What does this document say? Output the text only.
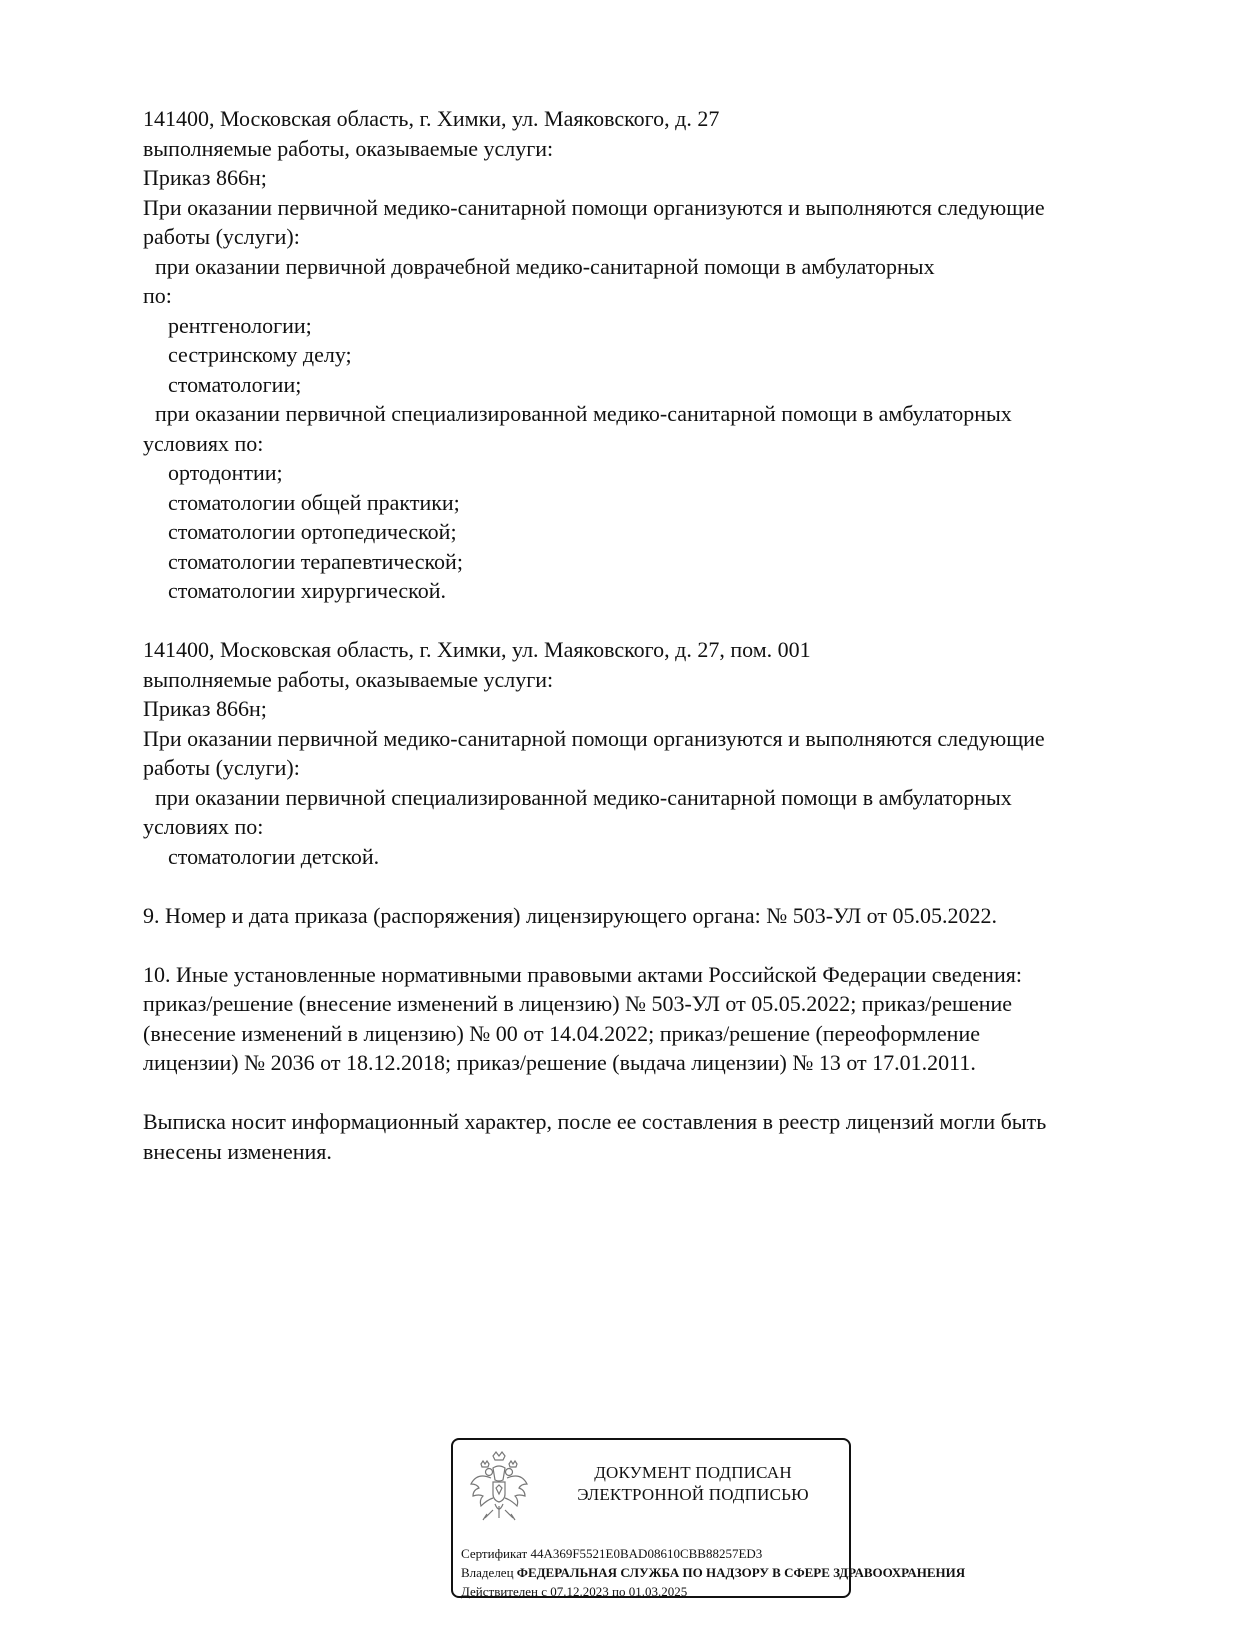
141400, Московская область, г. Химки, ул. Маяковского, д. 27
выполняемые работы, оказываемые услуги:
Приказ 866н;
При оказании первичной медико-санитарной помощи организуются и выполняются следующие
работы (услуги):
при оказании первичной доврачебной медико-санитарной помощи в амбулаторных
по:
рентгенологии;
сестринскому делу;
стоматологии;
при оказании первичной специализированной медико-санитарной помощи в амбулаторных
условиях по:
ортодонтии;
стоматологии общей практики;
стоматологии ортопедической;
стоматологии терапевтической;
стоматологии хирургической.
141400, Московская область, г. Химки, ул. Маяковского, д. 27, пом. 001
выполняемые работы, оказываемые услуги:
Приказ 866н;
При оказании первичной медико-санитарной помощи организуются и выполняются следующие
работы (услуги):
при оказании первичной специализированной медико-санитарной помощи в амбулаторных
условиях по:
стоматологии детской.
9. Номер и дата приказа (распоряжения) лицензирующего органа: № 503-УЛ от 05.05.2022.

10. Иные установленные нормативными правовыми актами Российской Федерации сведения:

приказ/решение (внесение изменений в лицензию) № 503-УЛ от 05.05.2022; приказ/решение

(внесение изменений в лицензию) № 00 от 14.04.2022; приказ/решение (переоформление

лицензии) № 2036 от 18.12.2018; приказ/решение (выдача лицензии) № 13 от 17.01.2011.

Выписка носит информационный характер, после ее составления в реестр лицензий могли быть

внесены изменения.

ДОКУМЕНТ ПОДПИСАН
ЭЛЕКТРОННОЙ ПОДПИСЬЮ
Сертификат 44A369F5521E0BAD08610CBB88257ED3
Владелец ФЕДЕРАЛЬНАЯ СЛУЖБА ПО НАДЗОРУ В СФЕРЕ ЗДРАВООХРАНЕНИЯ
Действителен с 07.12.2023 по 01.03.2025
